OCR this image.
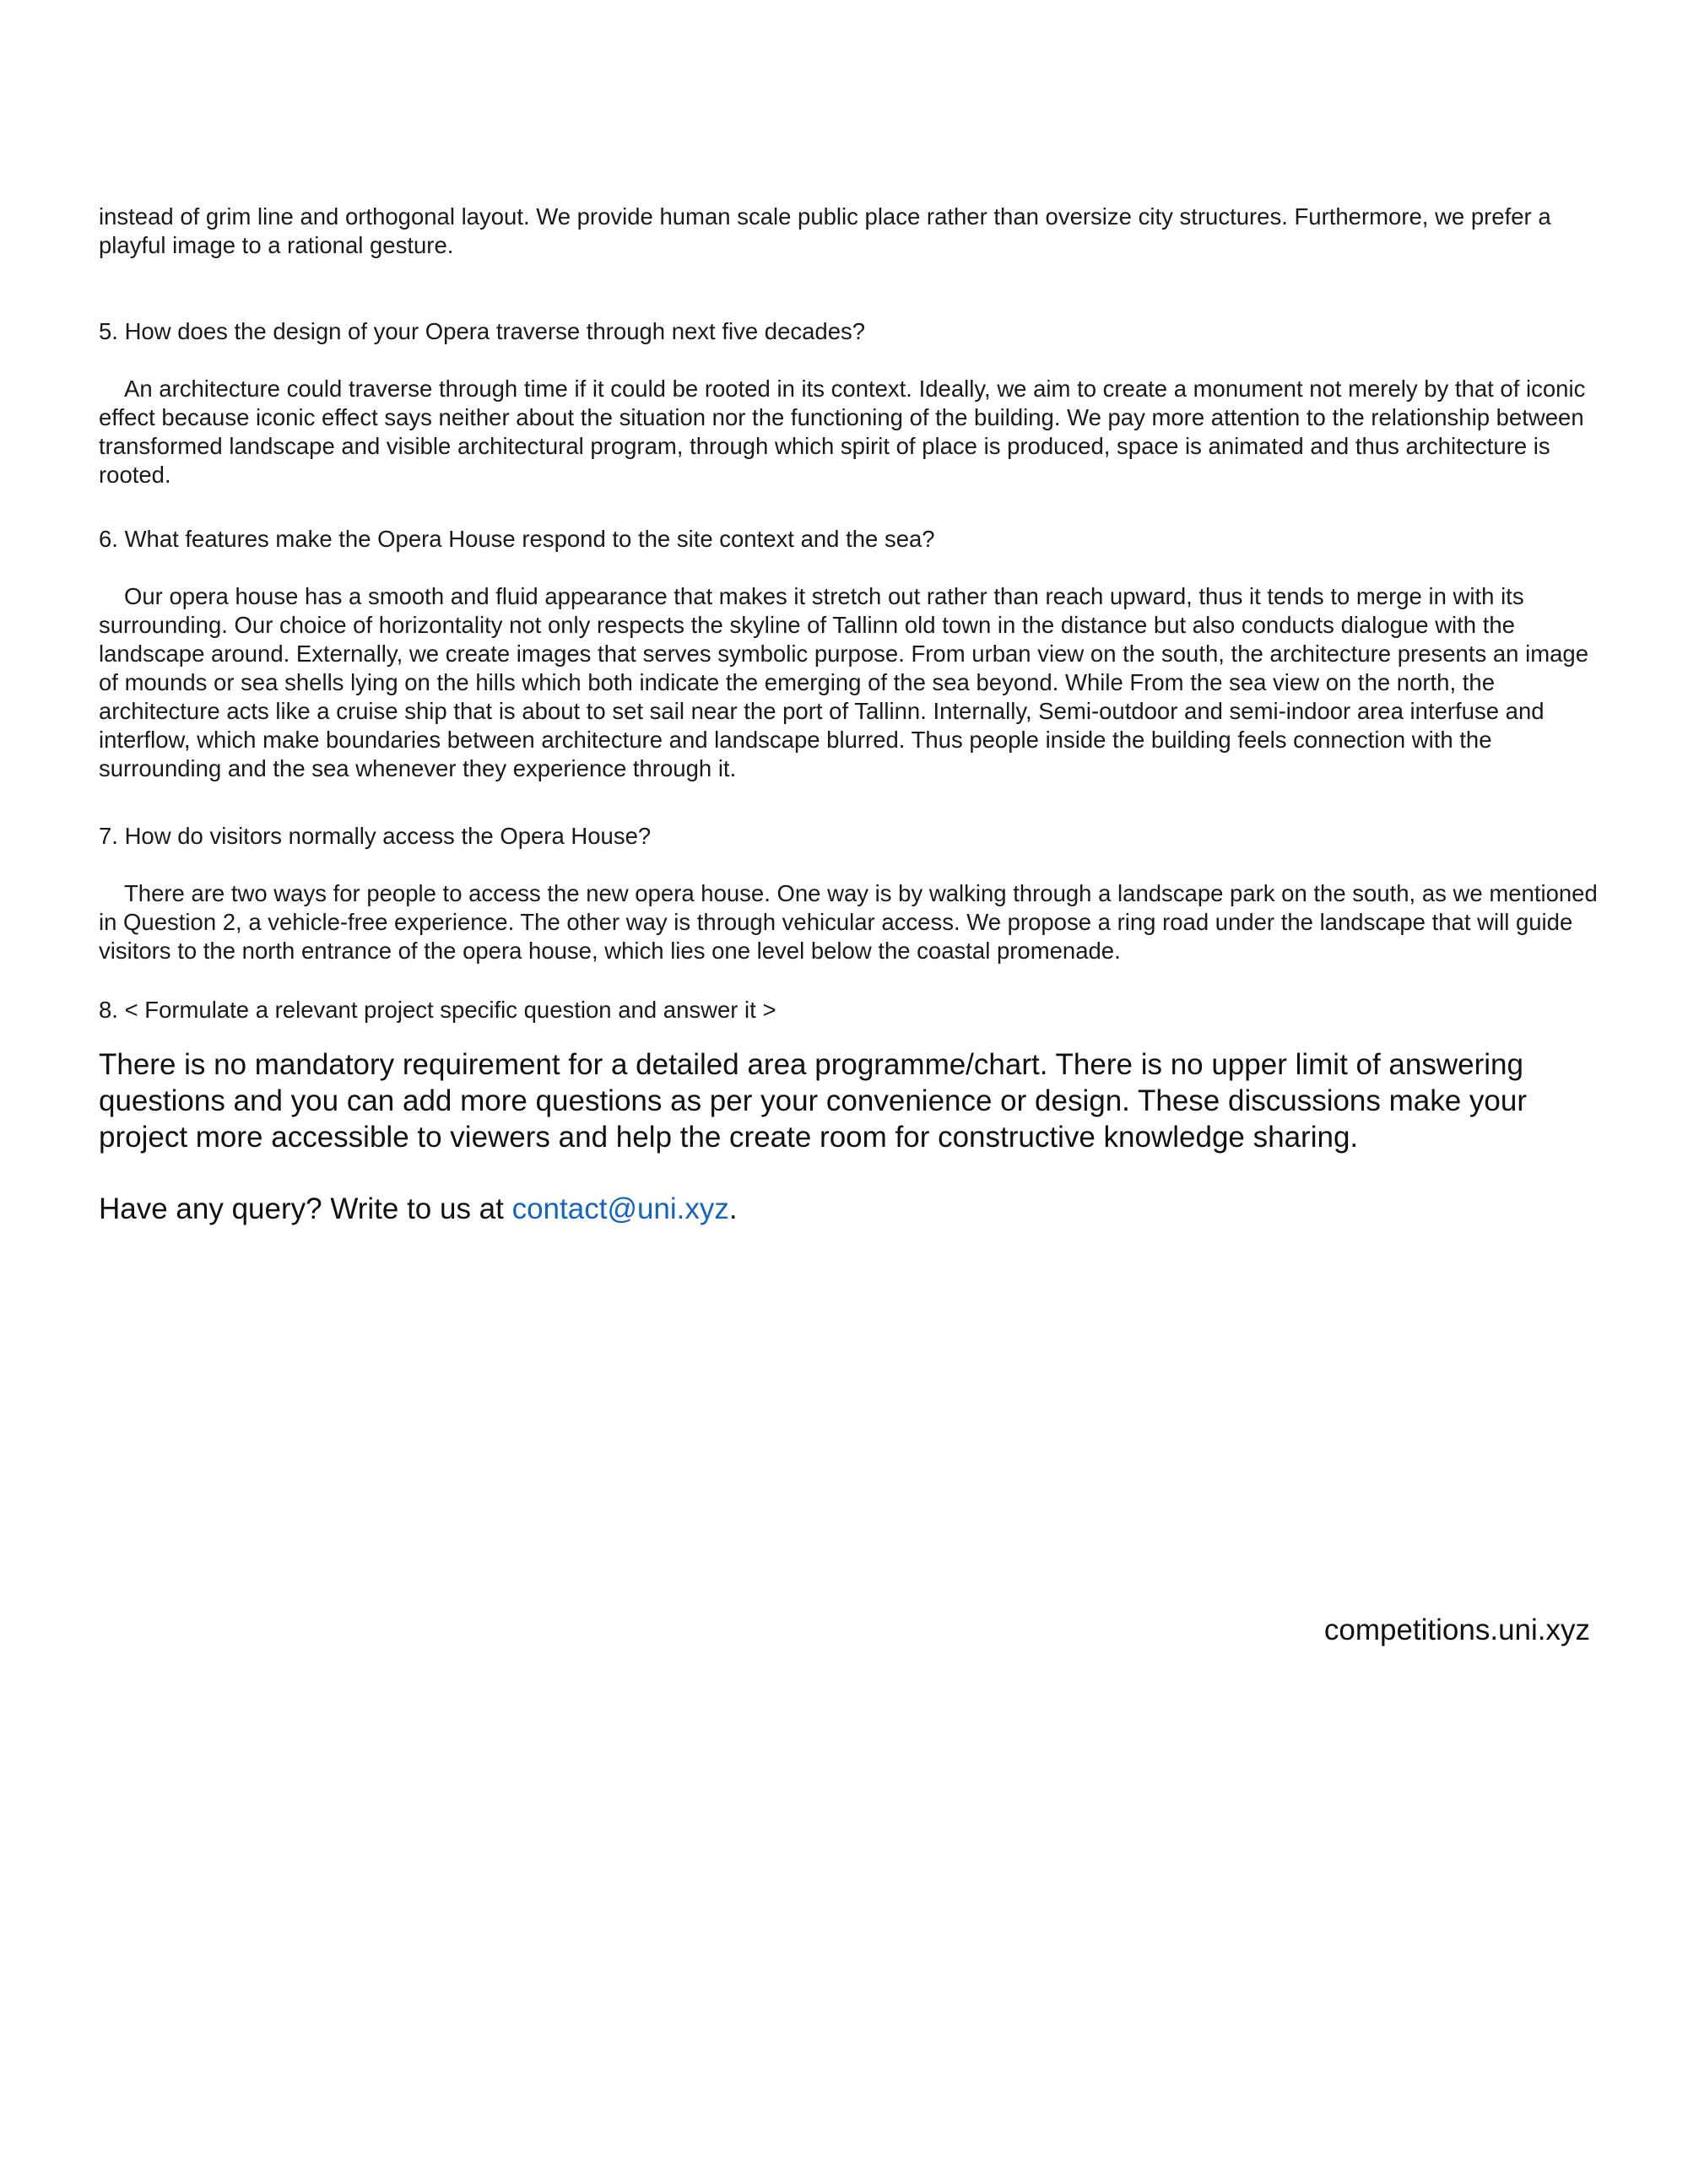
instead of grim line and orthogonal layout. We provide human scale public place rather than oversize city structures. Furthermore, we prefer a playful image to a rational gesture.

5. How does the design of your Opera traverse through next five decades?

An architecture could traverse through time if it could be rooted in its context. Ideally, we aim to create a monument not merely by that of iconic effect because iconic effect says neither about the situation nor the functioning of the building. We pay more attention to the relationship between transformed landscape and visible architectural program, through which spirit of place is produced, space is animated and thus architecture is rooted.

6. What features make the Opera House respond to the site context and the sea?

Our opera house has a smooth and fluid appearance that makes it stretch out rather than reach upward, thus it tends to merge in with its surrounding. Our choice of horizontality not only respects the skyline of Tallinn old town in the distance but also conducts dialogue with the landscape around. Externally, we create images that serves symbolic purpose. From urban view on the south, the architecture presents an image of mounds or sea shells lying on the hills which both indicate the emerging of the sea beyond. While From the sea view on the north, the architecture acts like a cruise ship that is about to set sail near the port of Tallinn. Internally, Semi-outdoor and semi-indoor area interfuse and interflow, which make boundaries between architecture and landscape blurred. Thus people inside the building feels connection with the surrounding and the sea whenever they experience through it.

7. How do visitors normally access the Opera House?

There are two ways for people to access the new opera house. One way is by walking through a landscape park on the south, as we mentioned in Question 2, a vehicle-free experience. The other way is through vehicular access. We propose a ring road under the landscape that will guide visitors to the north entrance of the opera house, which lies one level below the coastal promenade.

8. < Formulate a relevant project specific question and answer it >

There is no mandatory requirement for a detailed area programme/chart. There is no upper limit of answering questions and you can add more questions as per your convenience or design. These discussions make your project more accessible to viewers and help the create room for constructive knowledge sharing.

Have any query? Write to us at contact@uni.xyz.

competitions.uni.xyz
